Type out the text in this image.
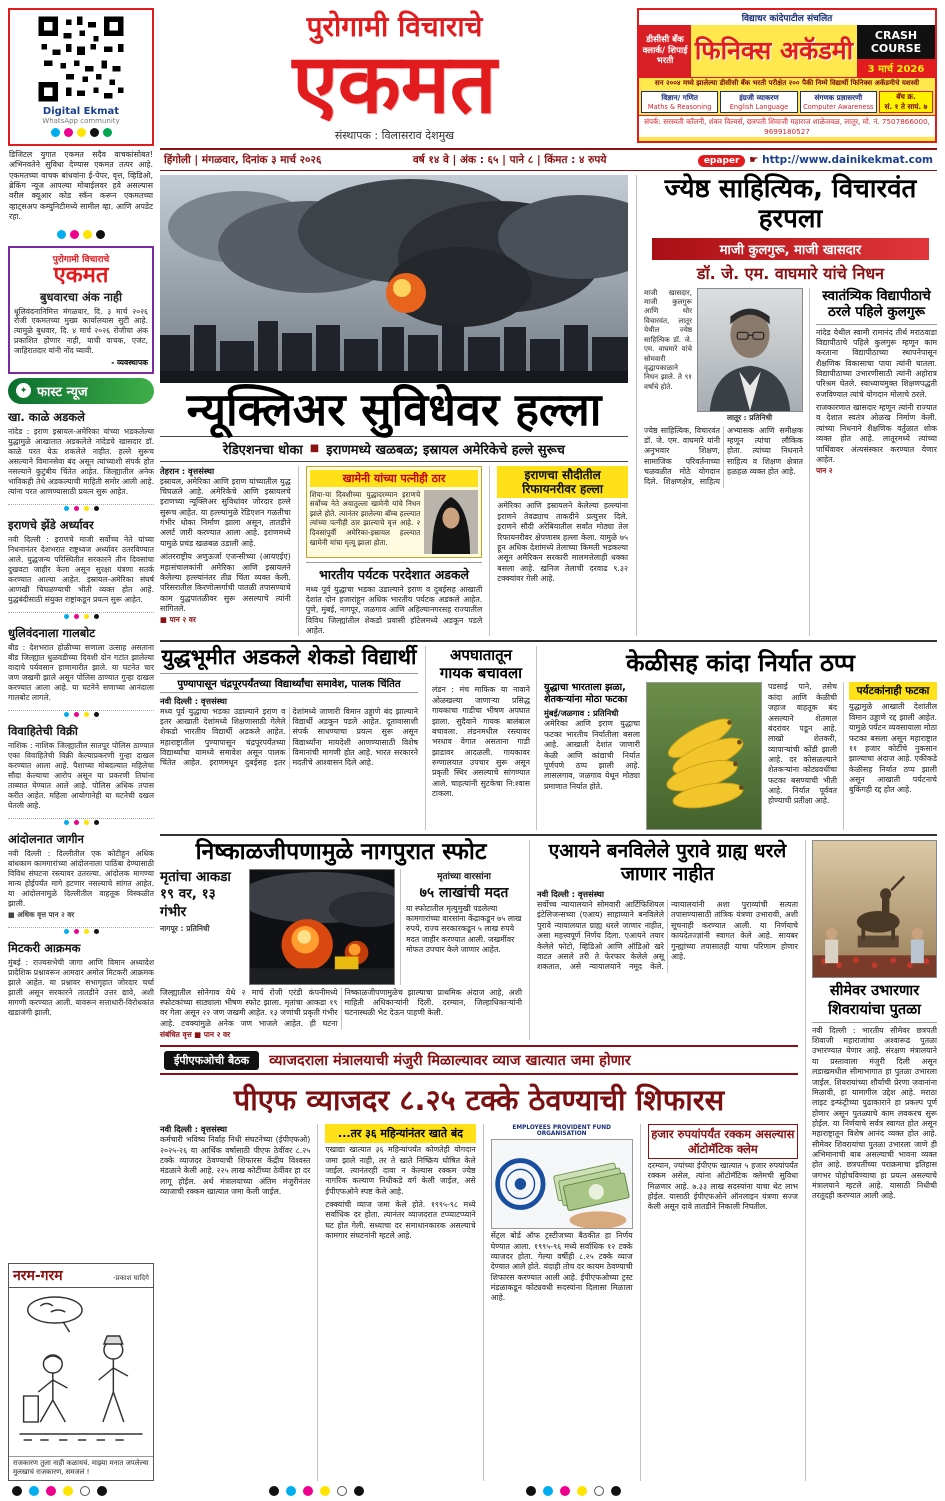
Digital Ekmat
WhatsApp community
डिजिटल युगात एकमत सदैव वाचकांसोबत! अभिनवतेने सुविधा देण्यास एकमत तत्पर आहे. एकमतच्या वाचक बांधवांना ई-पेपर, वृत्त, व्हिडिओ, ब्रेकिंग न्यूज आपल्या मोबाईलवर हवे असल्यास वरील क्यूआर कोड स्कॅन करून एकमतच्या व्हाट्सअप कम्युनिटीमध्ये सामील व्हा. आणि अपडेट रहा.
पुरोगामी विचाराचे
एकमत
बुधवारचा अंक नाही
धूलिवंदनानिमित्त मंगळवार, दि. ३ मार्च २०२६ रोजी एकमतच्या मुख्य कार्यालयास सुटी आहे. त्यामुळे बुधवार, दि. ४ मार्च २०२६ रोजीचा अंक प्रकाशित होणार नाही, याची वाचक, एजंट, जाहिरातदार यांनी नोंद घ्यावी.
- व्यवस्थापक
✦ फास्ट न्यूज
खा. काळे अडकले
नांदेड : इराण इस्रायल-अमेरिका यांच्या भडकलेल्या युद्धामुळे आखातात अडकलेले नांदेडचे खासदार डॉ. काळे परत येऊ शकलेले नाहीत. हल्ले सुरूच असल्याने विमानसेवा बंद असून त्यांच्याशी संपर्क होत नसल्याने कुटुंबीय चिंतेत आहेत. जिल्ह्यातील अनेक भाविकही तेथे अडकल्याची माहिती समोर आली आहे. त्यांना परत आणण्यासाठी प्रयत्न सुरू आहेत.
इराणचे झेंडे अर्ध्यावर
नवी दिल्ली : इराणचे माजी सर्वोच्च नेते यांच्या निधनानंतर देशभरात राष्ट्रध्वज अर्ध्यावर उतरविण्यात आले. युद्धजन्य परिस्थितीत सरकारने तीन दिवसांचा दुखवटा जाहीर केला असून सुरक्षा यंत्रणा सतर्क करण्यात आल्या आहेत. इस्रायल-अमेरिका संघर्ष आणखी चिघळण्याची भीती व्यक्त होत आहे. युद्धबंदीसाठी संयुक्त राष्ट्रांकडून प्रयत्न सुरू आहेत.
धुलिवंदनाला गालबोट
बीड : देशभरात होळीच्या सणाला उत्साह असताना बीड जिल्ह्यात धुळवडीच्या दिवशी दोन गटांत झालेल्या वादाचे पर्यवसान हाणामारीत झाले. या घटनेत चार जण जखमी झाले असून पोलिस ठाण्यात गुन्हा दाखल करण्यात आला आहे. या घटनेने सणाच्या आनंदाला गालबोट लागले.
विवाहितेची विक्री
नाशिक : नाशिक जिल्ह्यातील सातपूर पोलिस ठाण्यात एका विवाहितेची विक्री केल्याप्रकरणी गुन्हा दाखल करण्यात आला आहे. पैशाच्या मोबदल्यात महिलेचा सौदा केल्याचा आरोप असून या प्रकरणी तिघांना ताब्यात घेण्यात आले आहे. पोलिस अधिक तपास करीत आहेत. महिला आयोगानेही या घटनेची दखल घेतली आहे.
आंदोलनात जागीन
नवी दिल्ली : दिल्लीतील एक कोटीहून अधिक बांधकाम कामगारांच्या आंदोलनाला पाठिंबा देण्यासाठी विविध संघटना रस्त्यावर उतरल्या. आंदोलक मागण्या मान्य होईपर्यंत मागे हटणार नसल्याचे सांगत आहेत. या आंदोलनामुळे दिल्लीतील वाहतूक विस्कळीत झाली.
■ अधिक वृत्त पान २ वर
मिटकरी आक्रमक
मुंबई : राज्यसभेची जागा आणि विमान अध्यादेश प्रादेशिक प्रश्नावरून आमदार अमोल मिटकरी आक्रमक झाले आहेत. या प्रश्नावर सभागृहात जोरदार चर्चा झाली असून सरकारने तातडीने उत्तर द्यावे, अशी मागणी करण्यात आली. यावरून सत्ताधारी-विरोधकांत खडाजंगी झाली.
नरम-गरम	-प्रकाश घादिगे
राजकारण तुला नाही कळायचं. माझ्या मनात जपलेल्या मुलखाचं राजकारण, समजलं !
पुरोगामी विचाराचे
एकमत
संस्थापक : विलासराव देशमुख
विद्याधर कांदेपाटील संचलित
डीसीसी बँक क्लार्क/ शिपाई भरती फिनिक्स अकॅडमी
CRASH COURSE
3 मार्च 2026
सन २००४ मध्ये झालेल्या डीसीसी बँक भरती परीक्षेत २०० पैकी निम्मे विद्यार्थी फिनिक्स अकॅडमीचे यशस्वी
विज्ञान/ गणित
Maths & Reasoning
इंग्रजी व्याकरण
English Language
संगणक प्रज्ञासरणी
Computer Awareness
बॅच क्र.
सं. १ ते सायं. ७
संपर्क: सरस्वती कॉलनी, शंकर विल्वर्स, छत्रपती शिवाजी महाराज शाळेजवळ, लातूर, मो. नं. 7507866000, 9699180527
हिंगोली | मंगळवार, दिनांक ३ मार्च २०२६	वर्ष १४ वे | अंक : ६५ | पाने ८ | किंमत : ४ रुपये	epaper ☛ http://www.dainikekmat.com
न्यूक्लिअर सुविधेवर हल्ला
रेडिएशनचा धोका ■ इराणमध्ये खळबळ; इस्रायल अमेरिकेचे हल्ले सुरूच
तेहरान : वृत्तसंस्था
इस्रायल, अमेरिका आणि इराण यांच्यातील युद्ध चिघळले आहे. अमेरिकेचे आणि इस्रायलचे इराणच्या न्यूक्लिअर सुविधांवर जोरदार हल्ले सुरूच आहेत. या हल्ल्यांमुळे रेडिएशन गळतीचा गंभीर धोका निर्माण झाला असून, तातडीने अलर्ट जारी करण्यात आला आहे. इराणमध्ये यामुळे प्रचंड खळबळ उडाली आहे.
आंतरराष्ट्रीय अणुऊर्जा एजन्सीच्या (आयएईए) महासंचालकांनी अमेरिका आणि इस्रायलने केलेल्या हल्ल्यांनंतर तीव्र चिंता व्यक्त केली. परिसरातील किरणोत्सर्गाची पातळी तपासण्याचे काम युद्धपातळीवर सुरू असल्याचे त्यांनी सांगितले.
■ पान २ वर
खामेनी यांच्या पत्नीही ठार
शिया-या दिवशीच्या युद्धादरम्यान इराणचे सर्वोच्च नेते अयातुल्ला खामेनी यांचे निधन झाले होते. त्यानंतर झालेल्या बॉम्ब हल्ल्यात त्यांच्या पत्नीही ठार झाल्याचे वृत्त आहे. २ दिवसांपूर्वी अमेरिका-इस्रायल हल्ल्यात खामेनी यांचा मृत्यू झाला होता.
भारतीय पर्यटक परदेशात अडकले
मध्य पूर्व युद्धाचा भडका उडाल्याने इराण व दुबईसह आखाती देशांत दोन हजारांहून अधिक भारतीय पर्यटक अडकले आहेत. पुणे, मुंबई, नागपूर, जळगाव आणि अहिल्यानगरसह राज्यातील विविध जिल्ह्यांतील शेकडो प्रवासी हॉटेलमध्ये अडकून पडले आहेत.
इराणचा सौदीतील रिफायनरीवर हल्ला
अमेरिका आणि इस्रायलने केलेल्या हल्ल्यांना इराणने तेवढ्याच ताकदीने प्रत्युत्तर दिले. इराणने सौदी अरेबियातील सर्वांत मोठ्या तेल रिफायनरीवर क्षेपणास्त्र हल्ला केला. यामुळे ७५ हून अधिक देशांमध्ये तेलाच्या किमती भडकल्या असून अमेरिकन सरकारी मालमत्तेलाही धक्का बसला आहे. खनिज तेलाची दरवाढ ९.३२ टक्क्यांवर गेली आहे.
ज्येष्ठ साहित्यिक, विचारवंत हरपला
माजी कुलगुरू, माजी खासदार
डॉ. जे. एम. वाघमारे यांचे निधन
माजी खासदार, माजी कुलगुरू आणि थोर विचारवंत, लातूर येथील ज्येष्ठ साहित्यिक डॉ. जे. एम. वाघमारे यांचे सोमवारी वृद्धापकाळाने निधन झाले. ते ९१ वर्षांचे होते.
लातूर : प्रतिनिधी
ज्येष्ठ साहित्यिक, विचारवंत डॉ. जे. एम. वाघमारे यांनी अनुभवार शिक्षण, सामाजिक परिवर्तनाच्या चळवळीत मोठे योगदान दिले. शिक्षणक्षेत्र, साहित्य अभ्यासक आणि समीक्षक म्हणून त्यांचा लौकिक होता. त्यांच्या निधनाने साहित्य व शिक्षण क्षेत्रात हळहळ व्यक्त होत आहे.
स्वातंत्र्यिक विद्यापीठाचे ठरले पहिले कुलगुरू
नांदेड येथील स्वामी रामानंद तीर्थ मराठवाडा विद्यापीठाचे पहिले कुलगुरू म्हणून काम करताना विद्यापीठाच्या स्थापनेपासून शैक्षणिक विकासाचा पाया त्यांनी घातला. विद्यापीठाच्या उभारणीसाठी त्यांनी अहोरात्र परिश्रम घेतले. स्वाध्यायमुक्त शिक्षणपद्धती रुजविण्यात त्यांचे योगदान मोलाचे ठरले.
राजकारणात खासदार म्हणून त्यांनी राज्यात व देशात स्वतंत्र ओळख निर्माण केली. त्यांच्या निधनाने शैक्षणिक वर्तुळात शोक व्यक्त होत आहे. लातूरमध्ये त्यांच्या पार्थिवावर अंत्यसंस्कार करण्यात येणार आहेत.
पान २
युद्धभूमीत अडकले शेकडो विद्यार्थी
पुण्यापासून चंद्रपूरपर्यंतच्या विद्यार्थ्यांचा समावेश, पालक चिंतित
नवी दिल्ली : वृत्तसंस्था
मध्य पूर्व युद्धाचा भडका उडाल्याने इराण व इतर आखाती देशांमध्ये शिक्षणासाठी गेलेले शेकडो भारतीय विद्यार्थी अडकले आहेत. महाराष्ट्रातील पुण्यापासून चंद्रपूरपर्यंतच्या विद्यार्थ्यांचा यामध्ये समावेश असून पालक चिंतेत आहेत. इराणमधून दुबईसह इतर देशांमध्ये जाणारी विमान उड्डाणे बंद झाल्याने विद्यार्थी अडकून पडले आहेत. दूतावासाशी संपर्क साधण्याचा प्रयत्न सुरू असून विद्यार्थ्यांना मायदेशी आणण्यासाठी विशेष विमानांची मागणी होत आहे. भारत सरकारने मदतीचे आश्वासन दिले आहे.
अपघातातून गायक बचावला
लंडन : मंच माफिक या नावाने ओळखल्या जाणाऱ्या प्रसिद्ध गायकाचा गाडीचा भीषण अपघात झाला. सुदैवाने गायक बालंबाल बचावला. लंडनमधील रस्त्यावर भरधाव वेगात असताना गाडी झाडावर आदळली. गायकावर रुग्णालयात उपचार सुरू असून प्रकृती स्थिर असल्याचे सांगण्यात आले. चाहत्यांनी सुटकेचा नि:श्वास टाकला.
केळीसह कांदा निर्यात ठप्प
युद्धाचा भारताला झळा, शेतकऱ्यांना मोठा फटका
मुंबई/जळगाव : प्रतिनिधी
अमेरिका आणि इराण युद्धाचा फटका भारतीय निर्यातीला बसला आहे. आखाती देशांत जाणारी केळी आणि कांद्याची निर्यात पूर्णपणे ठप्प झाली आहे. लासलगाव, जळगाव येथून मोठ्या प्रमाणात निर्यात होते.
पडसाई पाने, तसेच कांदा आणि केळीची जहाज वाहतूक बंद असल्याने शेतमाल बंदरांवर पडून आहे. लाखो शेतकरी, व्यापाऱ्यांची कोंडी झाली आहे. दर कोसळल्याने शेतकऱ्यांना कोट्यवधींचा फटका बसण्याची भीती आहे. निर्यात पूर्ववत होण्याची प्रतीक्षा आहे.
पर्यटकांनाही फटका
युद्धामुळे आखाती देशांतील विमान उड्डाणे रद्द झाली आहेत. यामुळे पर्यटन व्यवसायाला मोठा फटका बसला असून महाराष्ट्रात ११ हजार कोटींचे नुकसान झाल्याचा अंदाज आहे. एकीकडे केळीसह निर्यात ठप्प झाली असून आखाती पर्यटनाचे बुकिंगही रद्द होत आहे.
निष्काळजीपणामुळे नागपुरात स्फोट
मृतांचा आकडा १९ वर, १३ गंभीर
नागपूर : प्रतिनिधी
मृतांच्या वारसांना
७५ लाखांची मदत
या स्फोटातील मृत्युमुखी पडलेल्या कामगारांच्या वारसांना केंद्राकडून ७५ लाख रुपये, राज्य सरकारकडून ५ लाख रुपये मदत जाहीर करण्यात आली. जखमींवर मोफत उपचार केले जाणार आहेत.
जिल्ह्यातील सोनेगाव येथे २ मार्च रोजी एरंडी कंपनीमध्ये स्फोटकांच्या साठ्याला भीषण स्फोट झाला. मृतांचा आकडा १९ वर गेला असून २२ जण जखमी आहेत. १३ जणांची प्रकृती गंभीर आहे. टवक्यांमुळे अनेक जण भाजले आहेत. ही घटना निष्काळजीपणामुळेच झाल्याचा प्राथमिक अंदाज आहे, अशी माहिती अधिकाऱ्यांनी दिली. दरम्यान, जिल्हाधिकाऱ्यांनी घटनास्थळी भेट देऊन पाहणी केली.
संबंधित वृत्त ■ पान २ वर
एआयने बनविलेले पुरावे ग्राह्य धरले जाणार नाहीत
नवी दिल्ली : वृत्तसंस्था
सर्वोच्च न्यायालयाने सोमवारी आर्टिफिशियल इंटेलिजन्सच्या (एआय) साहाय्याने बनविलेले पुरावे न्यायालयात ग्राह्य धरले जाणार नाहीत, असा महत्त्वपूर्ण निर्णय दिला. एआयने तयार केलेले फोटो, व्हिडिओ आणि ऑडिओ खरे वाटत असले तरी ते फेरफार केलेले असू शकतात, असे न्यायालयाने नमूद केले. न्यायालयांनी अशा पुराव्यांची सत्यता तपासण्यासाठी तांत्रिक यंत्रणा उभारावी, अशी सूचनाही करण्यात आली. या निर्णयाचे कायदेतज्ज्ञांनी स्वागत केले आहे. सायबर गुन्ह्यांच्या तपासातही याचा परिणाम होणार आहे.
ईपीएफओची बैठक	व्याजदराला मंत्रालयाची मंजुरी मिळाल्यावर व्याज खात्यात जमा होणार
पीएफ व्याजदर ८.२५ टक्के ठेवण्याची शिफारस
नवी दिल्ली : वृत्तसंस्था
कर्मचारी भविष्य निर्वाह निधी संघटनेच्या (ईपीएफओ) २०२५-२६ या आर्थिक वर्षासाठी पीएफ ठेवींवर ८.२५ टक्के व्याजदर ठेवण्याची शिफारस केंद्रीय विश्वस्त मंडळाने केली आहे. २२५ लाख कोटींच्या ठेवींवर हा दर लागू होईल. अर्थ मंत्रालयाच्या अंतिम मंजुरीनंतर व्याजाची रक्कम खात्यात जमा केली जाईल.
...तर ३६ महिन्यांनंतर खाते बंद
एखाद्या खात्यात ३६ महिन्यांपर्यंत कोणतेही योगदान जमा झाले नाही, तर ते खाते निष्क्रिय घोषित केले जाईल. त्यानंतरही दावा न केल्यास रक्कम ज्येष्ठ नागरिक कल्याण निधीकडे वर्ग केली जाईल, असे ईपीएफओने स्पष्ट केले आहे.
टक्क्यांची व्याज जमा केले होते. १९९५-९८ मध्ये सर्वाधिक दर होता. त्यानंतर व्याजदरात टप्प्याटप्प्याने घट होत गेली. सध्याचा दर समाधानकारक असल्याचे कामगार संघटनांनी म्हटले आहे.
EMPLOYEES PROVIDENT FUND ORGANISATION
सेंट्रल बोर्ड ऑफ ट्रस्टीजच्या बैठकीत हा निर्णय घेण्यात आला. १९९५-९६ मध्ये सर्वाधिक १२ टक्के व्याजदर होता. गेल्या वर्षीही ८.२५ टक्के व्याज देण्यात आले होते. यंदाही तोच दर कायम ठेवण्याची शिफारस करण्यात आली आहे. ईपीएफओच्या ट्रस्ट मंडळाकडून कोट्यवधी सदस्यांना दिलासा मिळाला आहे.
हजार रुपयांपर्यंत रक्कम असल्यास ऑटोमॅटिक क्लेम
दरम्यान, ज्यांच्या ईपीएफ खात्यात ५ हजार रुपयांपर्यंत रक्कम असेल, त्यांना ऑटोमॅटिक क्लेमची सुविधा मिळणार आहे. ७.३३ लाख सदस्यांना याचा थेट लाभ होईल. यासाठी ईपीएफओने ऑनलाइन यंत्रणा सज्ज केली असून दावे तातडीने निकाली निघतील.
सीमेवर उभारणार शिवरायांचा पुतळा
नवी दिल्ली : भारतीय सीमेवर छत्रपती शिवाजी महाराजांचा अश्वारूढ पुतळा उभारण्यात येणार आहे. संरक्षण मंत्रालयाने या प्रस्तावाला मंजुरी दिली असून लडाखमधील सीमाभागात हा पुतळा उभारला जाईल. शिवरायांच्या शौर्याची प्रेरणा जवानांना मिळावी, हा यामागील उद्देश आहे. मराठा लाइट इन्फंट्रीच्या पुढाकाराने हा प्रकल्प पूर्ण होणार असून पुतळ्याचे काम लवकरच सुरू होईल. या निर्णयाचे सर्वत्र स्वागत होत असून महाराष्ट्रातून विशेष आनंद व्यक्त होत आहे. सीमेवर शिवरायांचा पुतळा उभारला जाणे ही अभिमानाची बाब असल्याची भावना व्यक्त होत आहे. छत्रपतींच्या पराक्रमाचा इतिहास जगभर पोहोचविण्याचा हा प्रयत्न असल्याचे मंत्रालयाने म्हटले आहे. यासाठी निधीची तरतूदही करण्यात आली आहे.
